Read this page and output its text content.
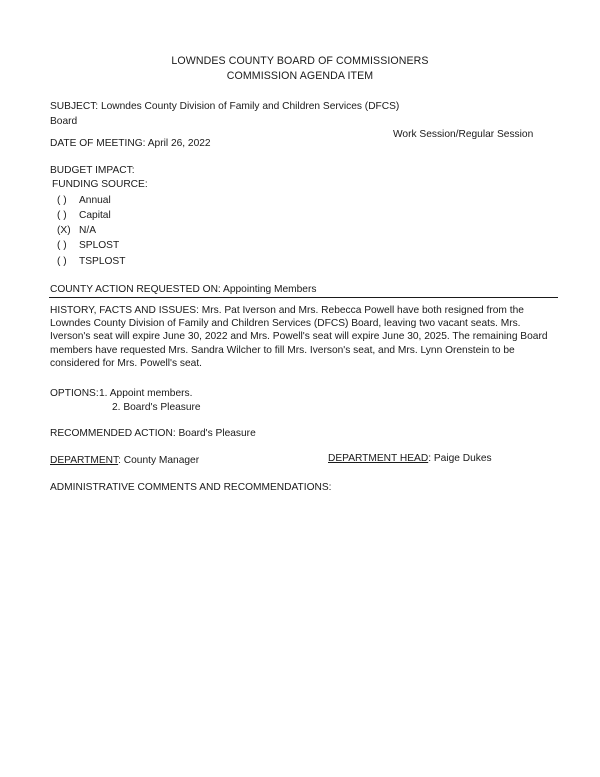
LOWNDES COUNTY BOARD OF COMMISSIONERS
COMMISSION AGENDA ITEM
SUBJECT: Lowndes County Division of Family and Children Services (DFCS)
Board
Work Session/Regular Session
DATE OF MEETING: April 26, 2022
BUDGET IMPACT:
FUNDING SOURCE:
( ) Annual
( ) Capital
(X) N/A
( ) SPLOST
( ) TSPLOST
COUNTY ACTION REQUESTED ON: Appointing Members
HISTORY, FACTS AND ISSUES: Mrs. Pat Iverson and Mrs. Rebecca Powell have both resigned from the Lowndes County Division of Family and Children Services (DFCS) Board, leaving two vacant seats. Mrs. Iverson's seat will expire June 30, 2022 and Mrs. Powell's seat will expire June 30, 2025. The remaining Board members have requested Mrs. Sandra Wilcher to fill Mrs. Iverson's seat, and Mrs. Lynn Orenstein to be considered for Mrs. Powell's seat.
OPTIONS: 1. Appoint members.
2. Board's Pleasure
RECOMMENDED ACTION: Board's Pleasure
DEPARTMENT: County Manager	DEPARTMENT HEAD: Paige Dukes
ADMINISTRATIVE COMMENTS AND RECOMMENDATIONS:
